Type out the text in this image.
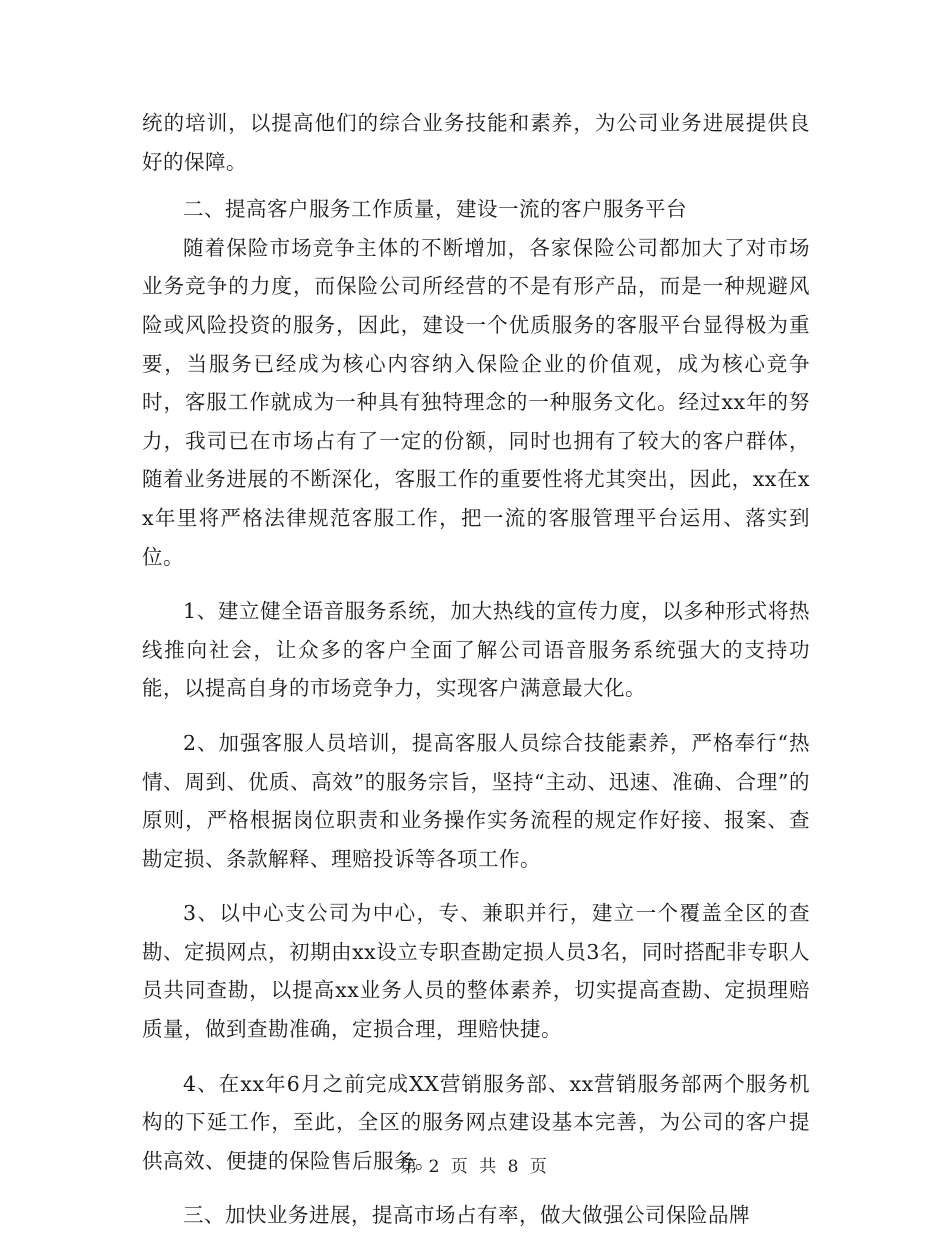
统的培训，以提高他们的综合业务技能和素养，为公司业务进展提供良好的保障。

二、提高客户服务工作质量，建设一流的客户服务平台

随着保险市场竞争主体的不断增加，各家保险公司都加大了对市场业务竞争的力度，而保险公司所经营的不是有形产品，而是一种规避风险或风险投资的服务，因此，建设一个优质服务的客服平台显得极为重要，当服务已经成为核心内容纳入保险企业的价值观，成为核心竞争时，客服工作就成为一种具有独特理念的一种服务文化。经过xx年的努力，我司已在市场占有了一定的份额，同时也拥有了较大的客户群体，随着业务进展的不断深化，客服工作的重要性将尤其突出，因此，xx在xx年里将严格法律规范客服工作，把一流的客服管理平台运用、落实到位。

1、建立健全语音服务系统，加大热线的宣传力度，以多种形式将热线推向社会，让众多的客户全面了解公司语音服务系统强大的支持功能，以提高自身的市场竞争力，实现客户满意最大化。

2、加强客服人员培训，提高客服人员综合技能素养，严格奉行“热情、周到、优质、高效”的服务宗旨，坚持“主动、迅速、准确、合理”的原则，严格根据岗位职责和业务操作实务流程的规定作好接、报案、查勘定损、条款解释、理赔投诉等各项工作。

3、以中心支公司为中心，专、兼职并行，建立一个覆盖全区的查勘、定损网点，初期由xx设立专职查勘定损人员3名，同时搭配非专职人员共同查勘，以提高xx业务人员的整体素养，切实提高查勘、定损理赔质量，做到查勘准确，定损合理，理赔快捷。

4、在xx年6月之前完成XX营销服务部、xx营销服务部两个服务机构的下延工作，至此，全区的服务网点建设基本完善，为公司的客户提供高效、便捷的保险售后服务。

三、加快业务进展，提高市场占有率，做大做强公司保险品牌

第 2 页 共 8 页
